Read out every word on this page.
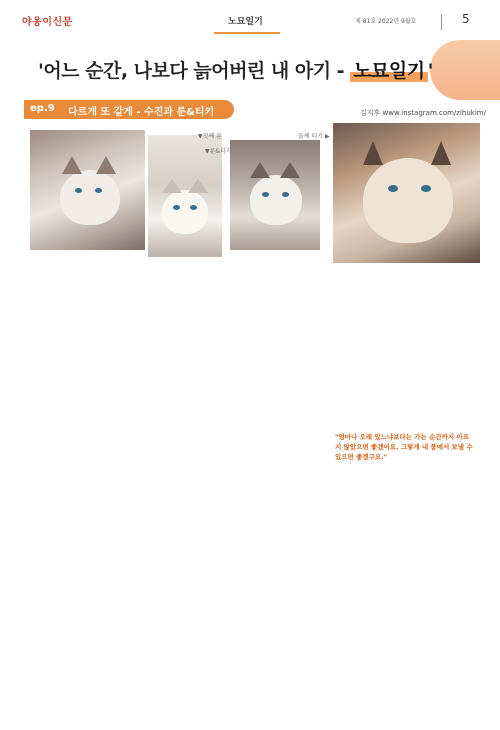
야옹이신문	노묘일기	제 81호 2022년 9월호	5
'어느 순간, 나보다 늙어버린 내 아기 - 노묘일기 '
ep.9 다르게 또 같게 - 수진과 룬&티키	김지후 www.instagram.com/zihukim/
▼첫째 룬
▼룬&티키
둘째 티키 ▶
"엄마나 오래 있느냐보다는 가는 순간까지 아프지 않았으면 좋겠어요. 그렇게 내 품에서 보낼 수 있으면 좋겠구요."
